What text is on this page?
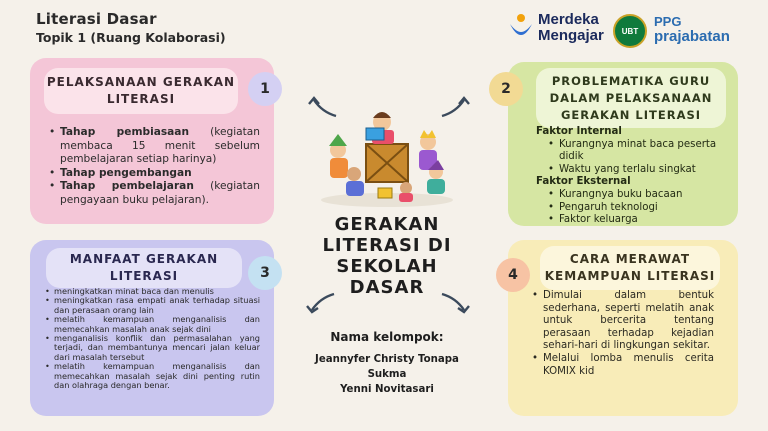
Literasi Dasar
Topik 1 (Ruang Kolaborasi)
Merdeka
Mengajar UBT
PPG
prajabatan
PELAKSANAAN GERAKAN LITERASI
• Tahap pembiasaan (kegiatan membaca 15 menit sebelum pembelajaran setiap harinya)
• Tahap pengembangan
• Tahap pembelajaran (kegiatan pengayaan buku pelajaran).
1
PROBLEMATIKA GURU DALAM PELAKSANAAN GERAKAN LITERASI
Faktor Internal
• Kurangnya minat baca peserta didik
• Waktu yang terlalu singkat
Faktor Eksternal
• Kurangnya buku bacaan
• Pengaruh teknologi
• Faktor keluarga
2
MANFAAT GERAKAN LITERASI
• meningkatkan minat baca dan menulis
• meningkatkan rasa empati anak terhadap situasi dan perasaan orang lain
• melatih kemampuan menganalisis dan memecahkan masalah anak sejak dini
• menganalisis konflik dan permasalahan yang terjadi, dan membantunya mencari jalan keluar dari masalah tersebut
• melatih kemampuan menganalisis dan memecahkan masalah sejak dini penting rutin dan olahraga dengan benar.
3
CARA MERAWAT KEMAMPUAN LITERASI
• Dimulai dalam bentuk sederhana, seperti melatih anak untuk bercerita tentang perasaan terhadap kejadian sehari-hari di lingkungan sekitar.
• Melalui lomba menulis cerita KOMIX kid
4
GERAKAN LITERASI DI SEKOLAH DASAR
Nama kelompok:
Jeannyfer Christy Tonapa
Sukma
Yenni Novitasari
